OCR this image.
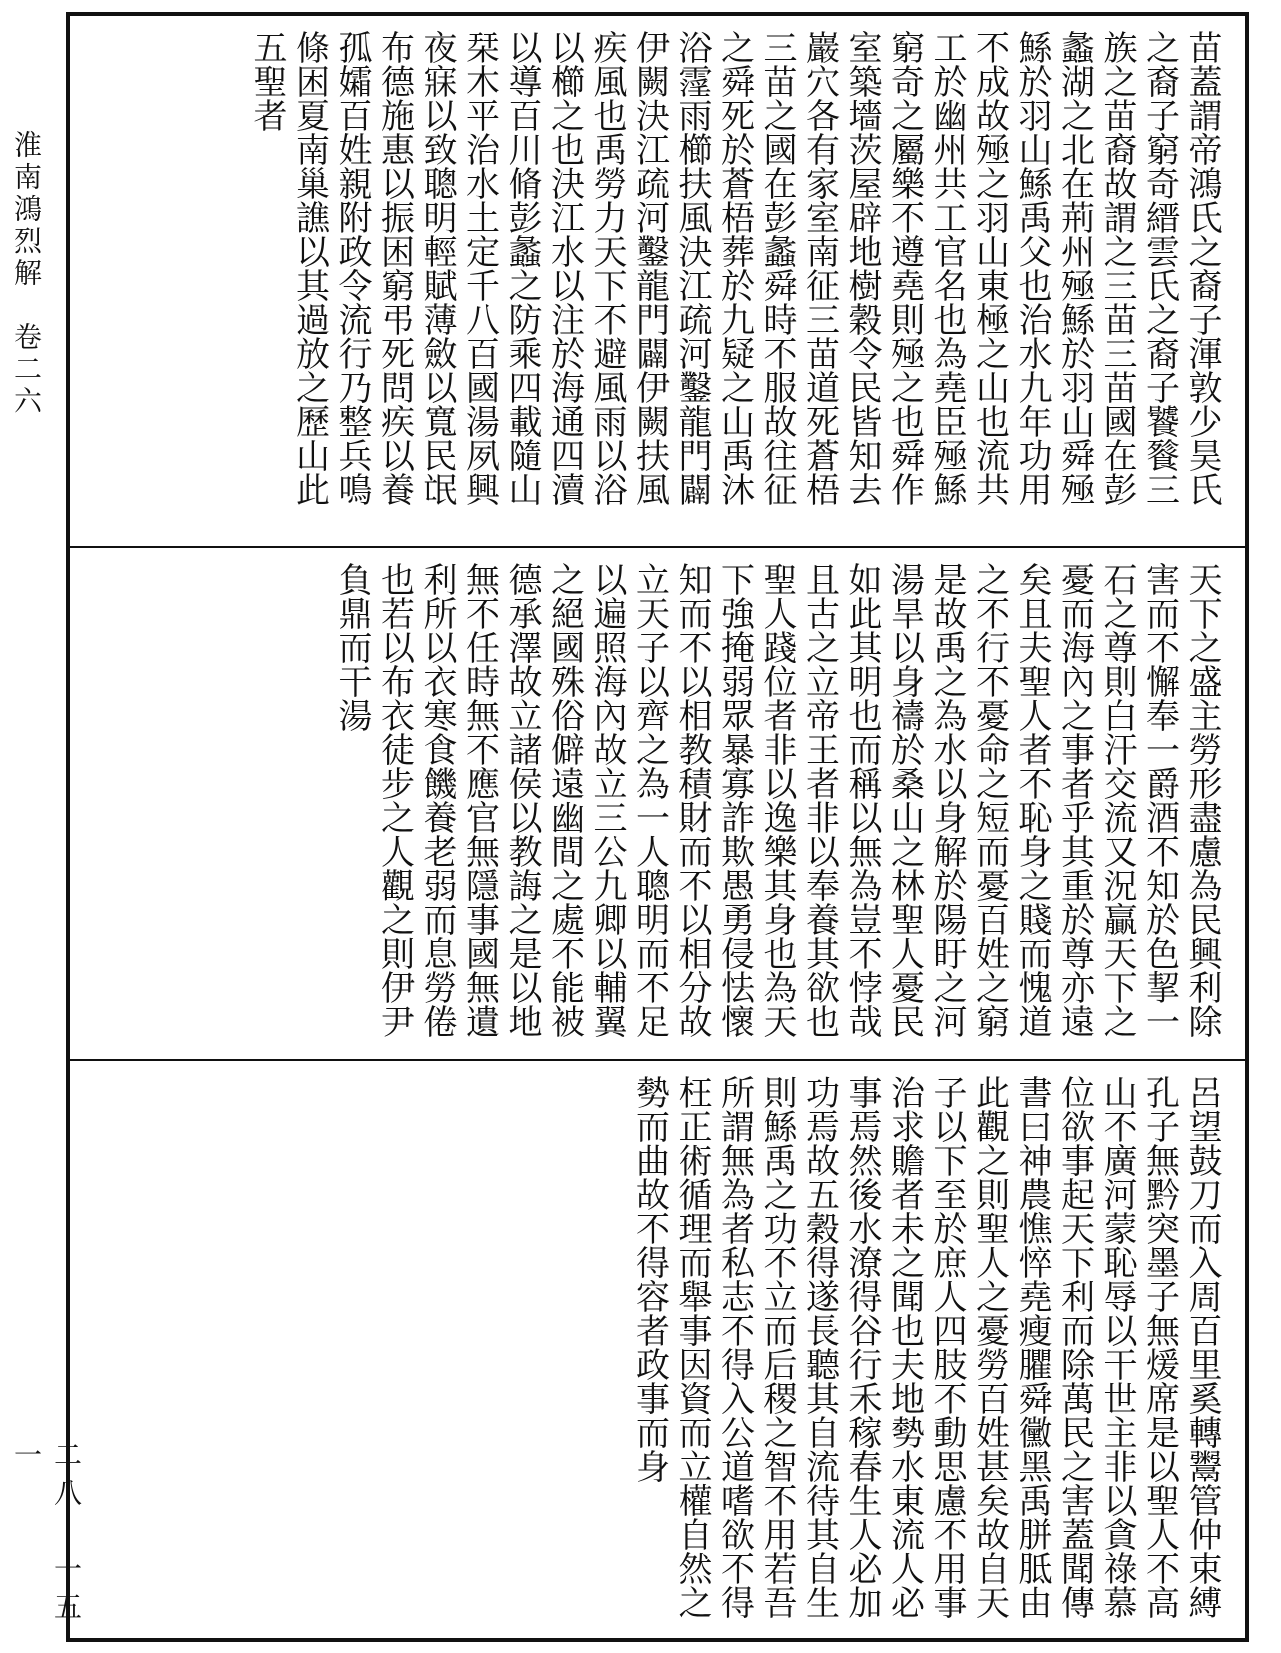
淮南鴻烈解　卷二六
二八－一五一
苗蓋謂帝鴻氏之裔子渾敦少昊氏之裔子窮奇縉雲氏之裔子饕餮三族之苗裔故謂之三苗三苗國在彭蠡湖之北在荊州殛鯀於羽山舜殛鯀於羽山鯀禹父也治水九年功用不成故殛之羽山東極之山也流共工於幽州共工官名也為堯臣殛鯀窮奇之屬樂不遵堯則殛之也舜作室築墻茨屋辟地樹穀令民皆知去巖穴各有家室南征三苗道死蒼梧三苗之國在彭蠡舜時不服故往征之舜死於蒼梧葬於九疑之山禹沐浴霪雨櫛扶風決江疏河鑿龍門闢伊闕決江疏河鑿龍門闢伊闕扶風疾風也禹勞力天下不避風雨以浴以櫛之也決江水以注於海通四瀆以導百川脩彭蠡之防乘四載隨山栞木平治水土定千八百國湯夙興夜寐以致聰明輕賦薄斂以寬民氓布德施惠以振困窮弔死問疾以養孤孀百姓親附政令流行乃整兵鳴條困夏南巢譙以其過放之歷山此五聖者
天下之盛主勞形盡慮為民興利除害而不懈奉一爵酒不知於色挈一石之尊則白汗交流又況贏天下之憂而海內之事者乎其重於尊亦遠矣且夫聖人者不恥身之賤而愧道之不行不憂命之短而憂百姓之窮是故禹之為水以身解於陽盱之河湯旱以身禱於桑山之林聖人憂民如此其明也而稱以無為豈不悖哉且古之立帝王者非以奉養其欲也聖人踐位者非以逸樂其身也為天下強掩弱眾暴寡詐欺愚勇侵怯懷知而不以相教積財而不以相分故立天子以齊之為一人聰明而不足以遍照海內故立三公九卿以輔翼之絕國殊俗僻遠幽間之處不能被德承澤故立諸侯以教誨之是以地無不任時無不應官無隱事國無遺利所以衣寒食饑養老弱而息勞倦也若以布衣徒步之人觀之則伊尹負鼎而干湯
呂望鼓刀而入周百里奚轉鬻管仲束縛孔子無黔突墨子無煖席是以聖人不高山不廣河蒙恥辱以干世主非以貪祿慕位欲事起天下利而除萬民之害蓋聞傳書曰神農憔悴堯瘦臞舜黴黑禹胼胝由此觀之則聖人之憂勞百姓甚矣故自天子以下至於庶人四肢不動思慮不用事治求贍者未之聞也夫地勢水東流人必事焉然後水潦得谷行禾稼春生人必加功焉故五穀得遂長聽其自流待其自生則鯀禹之功不立而后稷之智不用若吾所謂無為者私志不得入公道嗜欲不得枉正術循理而舉事因資而立權自然之勢而曲故不得容者政事而身
